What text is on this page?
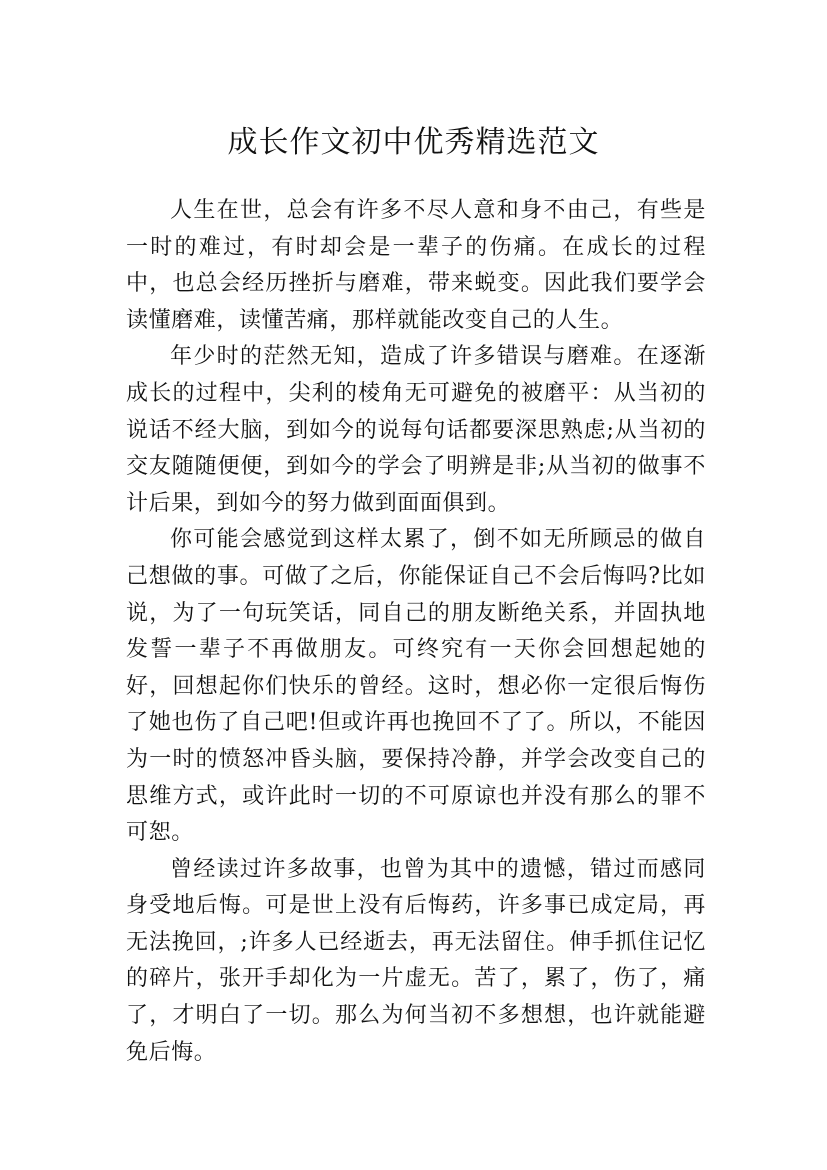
成长作文初中优秀精选范文

人生在世，总会有许多不尽人意和身不由己，有些是一时的难过，有时却会是一辈子的伤痛。在成长的过程中，也总会经历挫折与磨难，带来蜕变。因此我们要学会读懂磨难，读懂苦痛，那样就能改变自己的人生。

年少时的茫然无知，造成了许多错误与磨难。在逐渐成长的过程中，尖利的棱角无可避免的被磨平：从当初的说话不经大脑，到如今的说每句话都要深思熟虑;从当初的交友随随便便，到如今的学会了明辨是非;从当初的做事不计后果，到如今的努力做到面面俱到。

你可能会感觉到这样太累了，倒不如无所顾忌的做自己想做的事。可做了之后，你能保证自己不会后悔吗?比如说，为了一句玩笑话，同自己的朋友断绝关系，并固执地发誓一辈子不再做朋友。可终究有一天你会回想起她的好，回想起你们快乐的曾经。这时，想必你一定很后悔伤了她也伤了自己吧!但或许再也挽回不了了。所以，不能因为一时的愤怒冲昏头脑，要保持冷静，并学会改变自己的思维方式，或许此时一切的不可原谅也并没有那么的罪不可恕。

曾经读过许多故事，也曾为其中的遗憾，错过而感同身受地后悔。可是世上没有后悔药，许多事已成定局，再无法挽回，;许多人已经逝去，再无法留住。伸手抓住记忆的碎片，张开手却化为一片虚无。苦了，累了，伤了，痛了，才明白了一切。那么为何当初不多想想，也许就能避免后悔。
